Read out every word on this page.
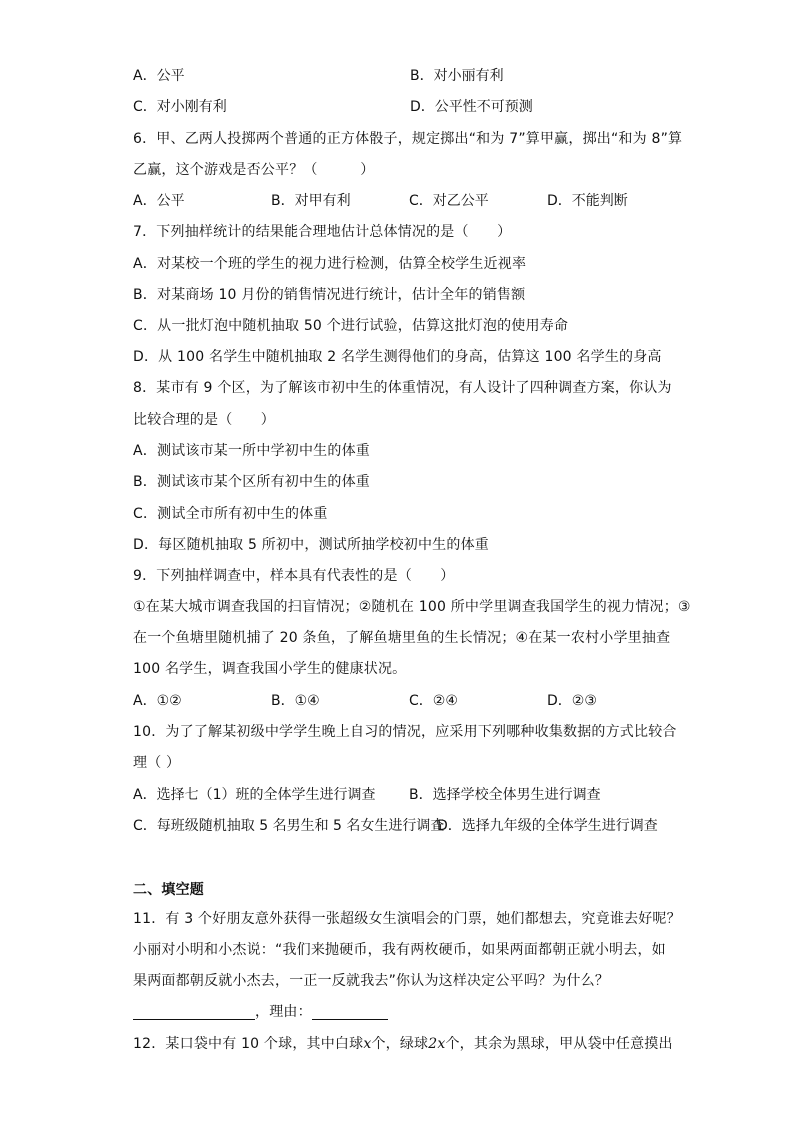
A．公平	B．对小丽有利
C．对小刚有利	D．公平性不可预测
6．甲、乙两人投掷两个普通的正方体骰子，规定掷出“和为 7”算甲赢，掷出“和为 8”算
乙赢，这个游戏是否公平？（　　　）
A．公平	B．对甲有利	C．对乙公平	D．不能判断
7．下列抽样统计的结果能合理地估计总体情况的是（　　）
A．对某校一个班的学生的视力进行检测，估算全校学生近视率
B．对某商场 10 月份的销售情况进行统计，估计全年的销售额
C．从一批灯泡中随机抽取 50 个进行试验，估算这批灯泡的使用寿命
D．从 100 名学生中随机抽取 2 名学生测得他们的身高，估算这 100 名学生的身高
8．某市有 9 个区，为了解该市初中生的体重情况，有人设计了四种调查方案，你认为
比较合理的是（　　）
A．测试该市某一所中学初中生的体重
B．测试该市某个区所有初中生的体重
C．测试全市所有初中生的体重
D．每区随机抽取 5 所初中，测试所抽学校初中生的体重
9．下列抽样调查中，样本具有代表性的是（　　）
①在某大城市调查我国的扫盲情况；②随机在 100 所中学里调查我国学生的视力情况；③
在一个鱼塘里随机捕了 20 条鱼，了解鱼塘里鱼的生长情况；④在某一农村小学里抽查
100 名学生，调查我国小学生的健康状况。
A．①②	B．①④	C．②④	D．②③
10．为了了解某初级中学学生晚上自习的情况，应采用下列哪种收集数据的方式比较合
理（ ）
A．选择七（1）班的全体学生进行调查 B．选择学校全体男生进行调查
C．每班级随机抽取 5 名男生和 5 名女生进行调查
D．选择九年级的全体学生进行调查
二、填空题
11．有 3 个好朋友意外获得一张超级女生演唱会的门票，她们都想去，究竟谁去好呢？
小丽对小明和小杰说：“我们来抛硬币，我有两枚硬币，如果两面都朝正就小明去，如
果两面都朝反就小杰去，一正一反就我去”你认为这样决定公平吗？为什么？
，理由：
12．某口袋中有 10 个球，其中白球x个，绿球2x个，其余为黑球，甲从袋中任意摸出
